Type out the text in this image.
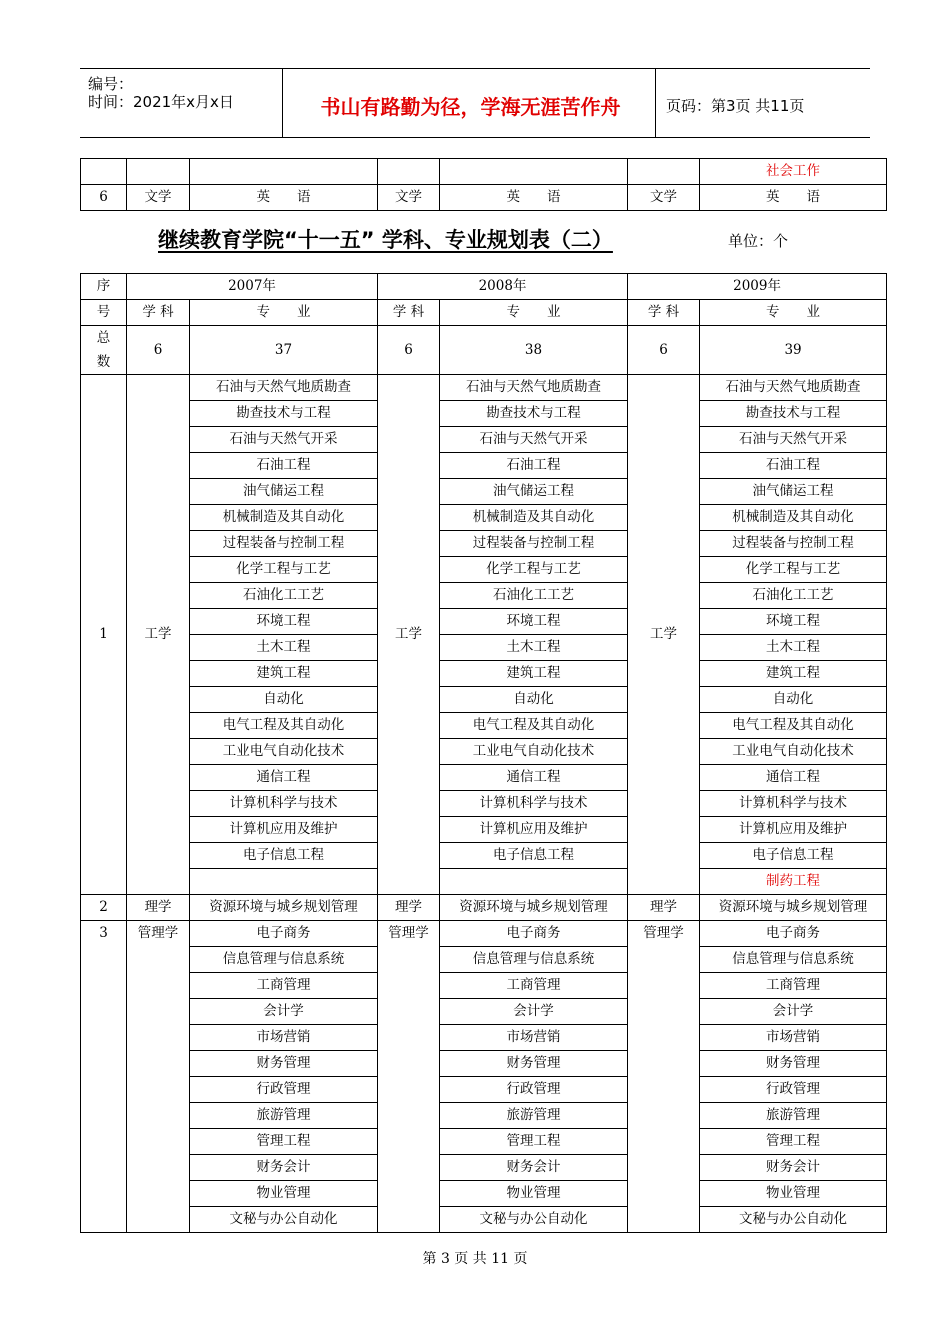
编号：
时间：2021年x月x日	书山有路勤为径，学海无涯苦作舟	页码：第3页 共11页
						社会工作
6	文学	英　　语	文学	英　　语	文学	英　　语
继续教育学院“十一五” 学科、专业规划表（二）	单位：个
序	2007年		2008年		2009年	
号	学 科	专　　业	学 科	专　　业	学 科	专　　业
总
数	6	37	6	38	6	39
1	工学	石油与天然气地质勘查	工学	石油与天然气地质勘查	工学	石油与天然气地质勘查
		勘查技术与工程		勘查技术与工程		勘查技术与工程
		石油与天然气开采		石油与天然气开采		石油与天然气开采
		石油工程		石油工程		石油工程
		油气储运工程		油气储运工程		油气储运工程
		机械制造及其自动化		机械制造及其自动化		机械制造及其自动化
		过程装备与控制工程		过程装备与控制工程		过程装备与控制工程
		化学工程与工艺		化学工程与工艺		化学工程与工艺
		石油化工工艺		石油化工工艺		石油化工工艺
		环境工程		环境工程		环境工程
		土木工程		土木工程		土木工程
		建筑工程		建筑工程		建筑工程
		自动化		自动化		自动化
		电气工程及其自动化		电气工程及其自动化		电气工程及其自动化
		工业电气自动化技术		工业电气自动化技术		工业电气自动化技术
		通信工程		通信工程		通信工程
		计算机科学与技术		计算机科学与技术		计算机科学与技术
		计算机应用及维护		计算机应用及维护		计算机应用及维护
		电子信息工程		电子信息工程		电子信息工程
						制药工程
2	理学	资源环境与城乡规划管理	理学	资源环境与城乡规划管理	理学	资源环境与城乡规划管理
3	管理学	电子商务	管理学	电子商务	管理学	电子商务
		信息管理与信息系统		信息管理与信息系统		信息管理与信息系统
		工商管理		工商管理		工商管理
		会计学		会计学		会计学
		市场营销		市场营销		市场营销
		财务管理		财务管理		财务管理
		行政管理		行政管理		行政管理
		旅游管理		旅游管理		旅游管理
		管理工程		管理工程		管理工程
		财务会计		财务会计		财务会计
		物业管理		物业管理		物业管理
		文秘与办公自动化		文秘与办公自动化		文秘与办公自动化
第 3 页 共 11 页
